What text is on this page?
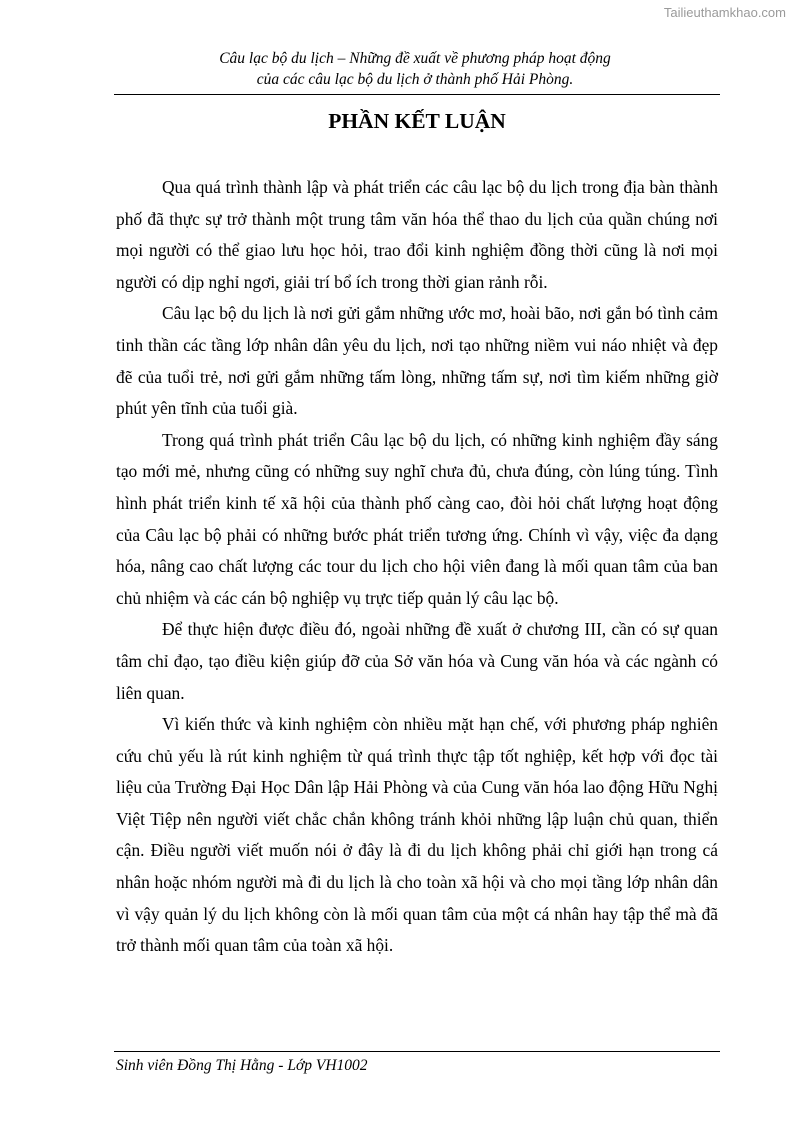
Tailieuthamkhao.com
Câu lạc bộ du lịch – Những đề xuất về phương pháp hoạt động
của các câu lạc bộ du lịch ở thành phố Hải Phòng.
PHẦN KẾT LUẬN

Qua quá trình thành lập và phát triển các câu lạc bộ du lịch trong địa bàn thành phố đã thực sự trở thành một trung tâm văn hóa thể thao du lịch của quần chúng nơi mọi người có thể giao lưu học hỏi, trao đổi kinh nghiệm đồng thời cũng là nơi mọi người có dịp nghỉ ngơi, giải trí bổ ích trong thời gian rảnh rỗi.

Câu lạc bộ du lịch là nơi gửi gắm những ước mơ, hoài bão, nơi gắn bó tình cảm tinh thần các tầng lớp nhân dân yêu du lịch, nơi tạo những niềm vui náo nhiệt và đẹp đẽ của tuổi trẻ, nơi gửi gắm những tấm lòng, những tấm sự, nơi tìm kiếm những giờ phút yên tĩnh của tuổi già.

Trong quá trình phát triển Câu lạc bộ du lịch, có những kinh nghiệm đầy sáng tạo mới mẻ, nhưng cũng có những suy nghĩ chưa đủ, chưa đúng, còn lúng túng. Tình hình phát triển kinh tế xã hội của thành phố càng cao, đòi hỏi chất lượng hoạt động của Câu lạc bộ phải có những bước phát triển tương ứng. Chính vì vậy, việc đa dạng hóa, nâng cao chất lượng các tour du lịch cho hội viên đang là mối quan tâm của ban chủ nhiệm và các cán bộ nghiệp vụ trực tiếp quản lý câu lạc bộ.

Để thực hiện được điều đó, ngoài những đề xuất ở chương III, cần có sự quan tâm chỉ đạo, tạo điều kiện giúp đỡ của Sở văn hóa và Cung văn hóa và các ngành có liên quan.

Vì kiến thức và kinh nghiệm còn nhiều mặt hạn chế, với phương pháp nghiên cứu chủ yếu là rút kinh nghiệm từ quá trình thực tập tốt nghiệp, kết hợp với đọc tài liệu của Trường Đại Học Dân lập Hải Phòng và của Cung văn hóa lao động Hữu Nghị Việt Tiệp nên người viết chắc chắn không tránh khỏi những lập luận chủ quan, thiển cận. Điều người viết muốn nói ở đây là đi du lịch không phải chỉ giới hạn trong cá nhân hoặc nhóm người mà đi du lịch là cho toàn xã hội và cho mọi tầng lớp nhân dân vì vậy quản lý du lịch không còn là mối quan tâm của một cá nhân hay tập thể mà đã trở thành mối quan tâm của toàn xã hội.

Sinh viên Đồng Thị Hằng - Lớp VH1002
